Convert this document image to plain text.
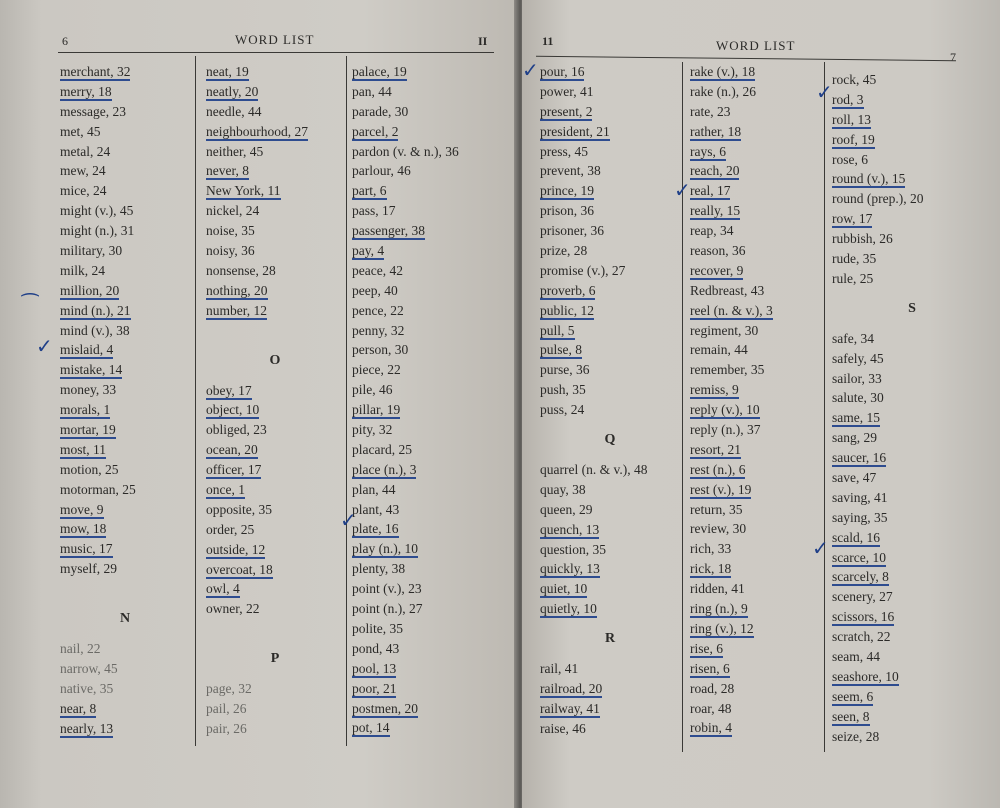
6	WORD LIST	II
merchant, 32
merry, 18
message, 23
met, 45
metal, 24
mew, 24
mice, 24
might (v.), 45
might (n.), 31
military, 30
milk, 24
million, 20
mind (n.), 21
mind (v.), 38
mislaid, 4
mistake, 14
money, 33
morals, 1
mortar, 19
most, 11
motion, 25
motorman, 25
move, 9
mow, 18
music, 17
myself, 29
N
nail, 22
narrow, 45
native, 35
near, 8
nearly, 13
neat, 19
neatly, 20
needle, 44
neighbourhood, 27
neither, 45
never, 8
New York, 11
nickel, 24
noise, 35
noisy, 36
nonsense, 28
nothing, 20
number, 12
O
obey, 17
object, 10
obliged, 23
ocean, 20
officer, 17
once, 1
opposite, 35
order, 25
outside, 12
overcoat, 18
owl, 4
owner, 22
P
page, 32
pail, 26
pair, 26
palace, 19
pan, 44
parade, 30
parcel, 2
pardon (v. & n.), 36
parlour, 46
part, 6
pass, 17
passenger, 38
pay, 4
peace, 42
peep, 40
pence, 22
penny, 32
person, 30
piece, 22
pile, 46
pillar, 19
pity, 32
placard, 25
place (n.), 3
plan, 44
plant, 43
plate, 16
play (n.), 10
plenty, 38
point (v.), 23
point (n.), 27
polite, 35
pond, 43
pool, 13
poor, 21
postmen, 20
pot, 14
⁀
✓
✓
11	WORD LIST
7
pour, 16
power, 41
present, 2
president, 21
press, 45
prevent, 38
prince, 19
prison, 36
prisoner, 36
prize, 28
promise (v.), 27
proverb, 6
public, 12
pull, 5
pulse, 8
purse, 36
push, 35
puss, 24
Q
quarrel (n. & v.), 48
quay, 38
queen, 29
quench, 13
question, 35
quickly, 13
quiet, 10
quietly, 10
R
rail, 41
railroad, 20
railway, 41
raise, 46
rake (v.), 18
rake (n.), 26
rate, 23
rather, 18
rays, 6
reach, 20
real, 17
really, 15
reap, 34
reason, 36
recover, 9
Redbreast, 43
reel (n. & v.), 3
regiment, 30
remain, 44
remember, 35
remiss, 9
reply (v.), 10
reply (n.), 37
resort, 21
rest (n.), 6
rest (v.), 19
return, 35
review, 30
rich, 33
rick, 18
ridden, 41
ring (n.), 9
ring (v.), 12
rise, 6
risen, 6
road, 28
roar, 48
robin, 4
rock, 45
rod, 3
roll, 13
roof, 19
rose, 6
round (v.), 15
round (prep.), 20
row, 17
rubbish, 26
rude, 35
rule, 25
S
safe, 34
safely, 45
sailor, 33
salute, 30
same, 15
sang, 29
saucer, 16
save, 47
saving, 41
saying, 35
scald, 16
scarce, 10
scarcely, 8
scenery, 27
scissors, 16
scratch, 22
seam, 44
seashore, 10
seem, 6
seen, 8
seize, 28
✓
✓
✓
✓
